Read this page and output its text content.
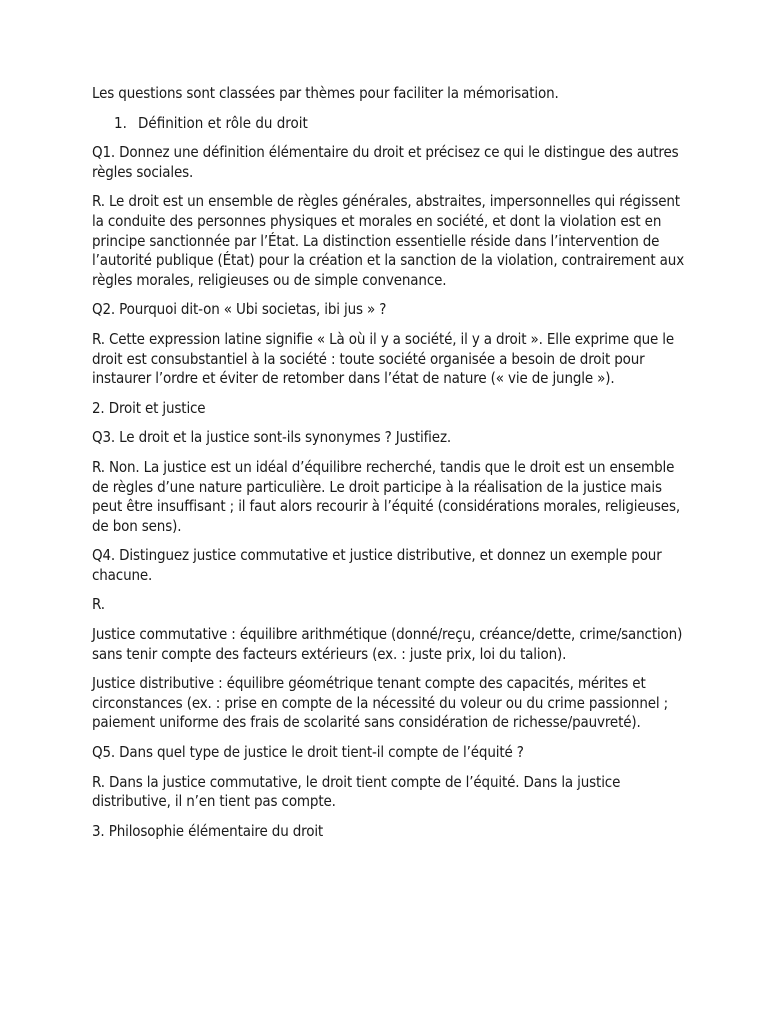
Les questions sont classées par thèmes pour faciliter la mémorisation.

1. Définition et rôle du droit

Q1. Donnez une définition élémentaire du droit et précisez ce qui le distingue des autres règles sociales.

R. Le droit est un ensemble de règles générales, abstraites, impersonnelles qui régissent la conduite des personnes physiques et morales en société, et dont la violation est en principe sanctionnée par l’État. La distinction essentielle réside dans l’intervention de l’autorité publique (État) pour la création et la sanction de la violation, contrairement aux règles morales, religieuses ou de simple convenance.

Q2. Pourquoi dit-on « Ubi societas, ibi jus » ?

R. Cette expression latine signifie « Là où il y a société, il y a droit ». Elle exprime que le droit est consubstantiel à la société : toute société organisée a besoin de droit pour instaurer l’ordre et éviter de retomber dans l’état de nature (« vie de jungle »).

2. Droit et justice

Q3. Le droit et la justice sont-ils synonymes ? Justifiez.

R. Non. La justice est un idéal d’équilibre recherché, tandis que le droit est un ensemble de règles d’une nature particulière. Le droit participe à la réalisation de la justice mais peut être insuffisant ; il faut alors recourir à l’équité (considérations morales, religieuses, de bon sens).

Q4. Distinguez justice commutative et justice distributive, et donnez un exemple pour chacune.

R.

Justice commutative : équilibre arithmétique (donné/reçu, créance/dette, crime/sanction) sans tenir compte des facteurs extérieurs (ex. : juste prix, loi du talion).

Justice distributive : équilibre géométrique tenant compte des capacités, mérites et circonstances (ex. : prise en compte de la nécessité du voleur ou du crime passionnel ; paiement uniforme des frais de scolarité sans considération de richesse/pauvreté).

Q5. Dans quel type de justice le droit tient-il compte de l’équité ?

R. Dans la justice commutative, le droit tient compte de l’équité. Dans la justice distributive, il n’en tient pas compte.

3. Philosophie élémentaire du droit
